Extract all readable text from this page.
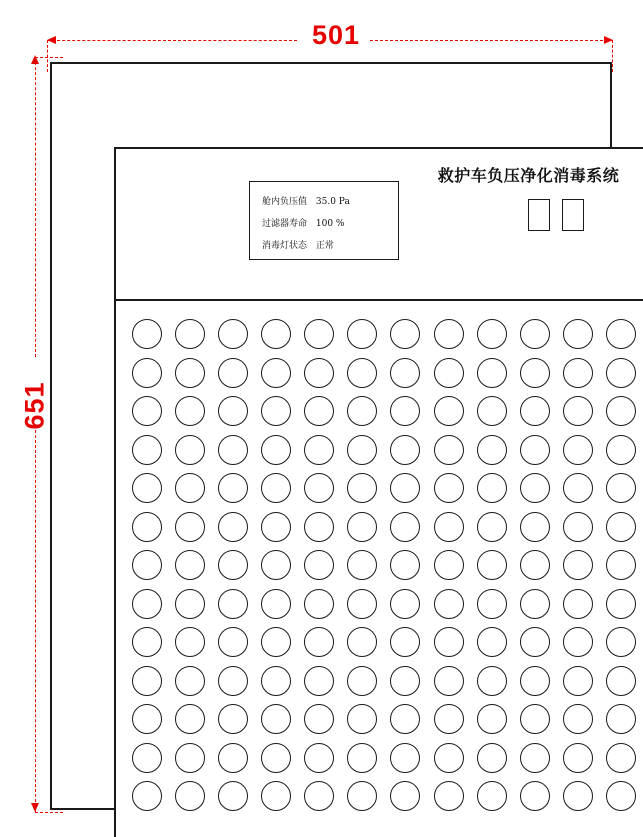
501
651
救护车负压净化消毒系统
舱内负压值 35.0 Pa
过滤器寿命 100 %
消毒灯状态 正常
